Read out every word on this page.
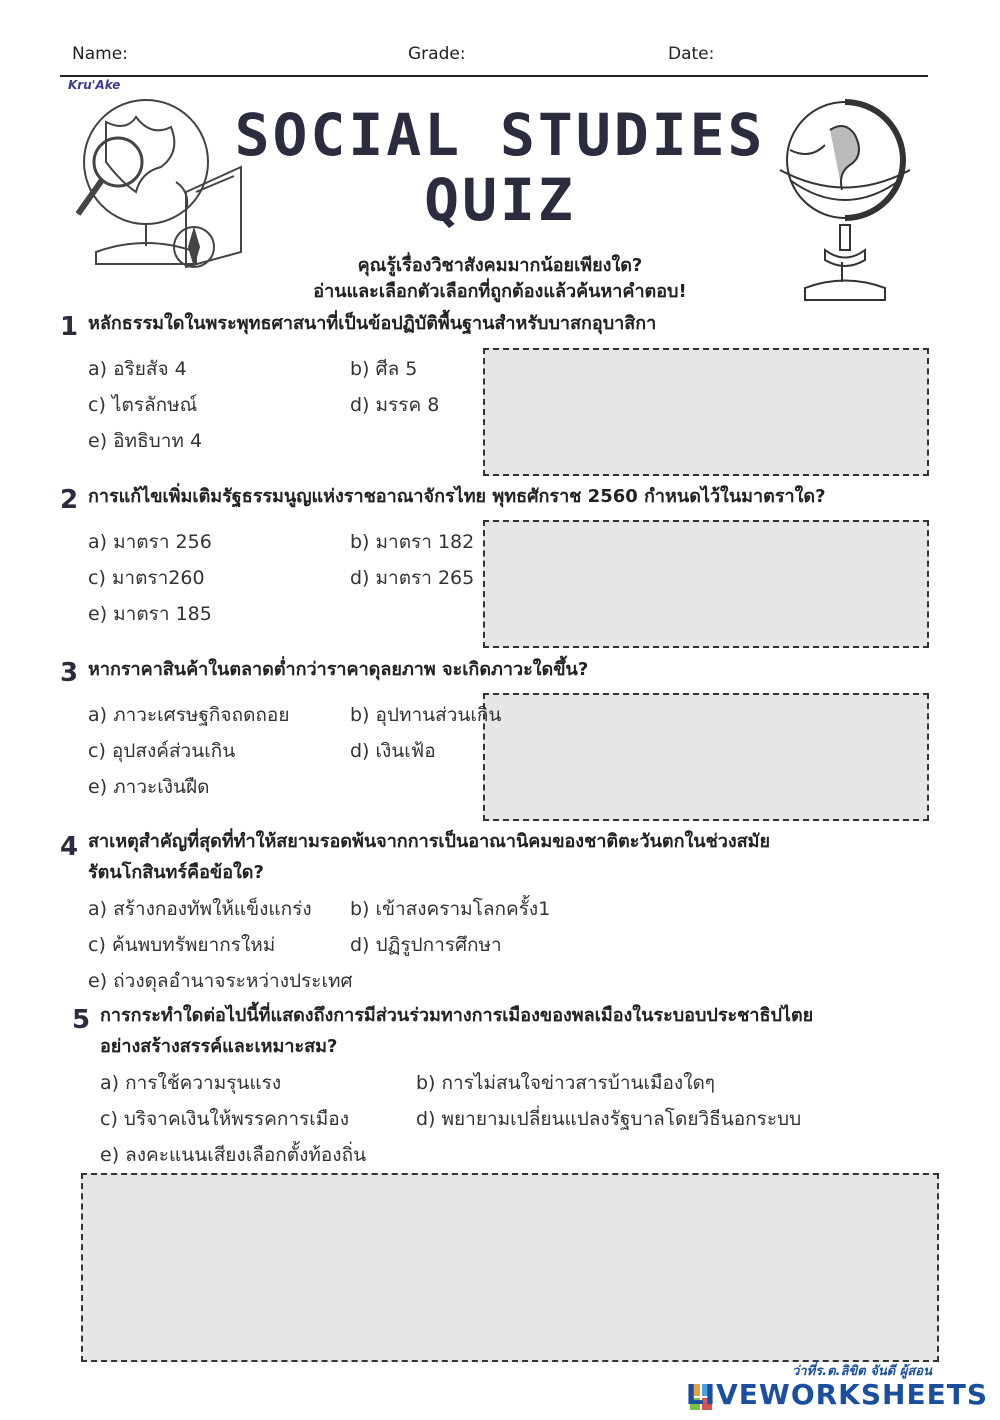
Name:	Grade:	Date:
Kru'Ake
SOCIAL STUDIES
QUIZ
คุณรู้เรื่องวิชาสังคมมากน้อยเพียงใด?
อ่านและเลือกตัวเลือกที่ถูกต้องแล้วค้นหาคำตอบ!
1 หลักธรรมใดในพระพุทธศาสนาที่เป็นข้อปฏิบัติพื้นฐานสำหรับบาสกอุบาสิกา
a) อริยสัจ 4	b) ศีล 5
c) ไตรลักษณ์	d) มรรค 8
e) อิทธิบาท 4
2 การแก้ไขเพิ่มเติมรัฐธรรมนูญแห่งราชอาณาจักรไทย พุทธศักราช 2560 กำหนดไว้ในมาตราใด?
a) มาตรา 256	b) มาตรา 182
c) มาตรา260	d) มาตรา 265
e) มาตรา 185
3 หากราคาสินค้าในตลาดต่ำกว่าราคาดุลยภาพ จะเกิดภาวะใดขึ้น?
a) ภาวะเศรษฐกิจถดถอย	b) อุปทานส่วนเกิน
c) อุปสงค์ส่วนเกิน	d) เงินเฟ้อ
e) ภาวะเงินฝืด
4 สาเหตุสำคัญที่สุดที่ทำให้สยามรอดพ้นจากการเป็นอาณานิคมของชาติตะวันตกในช่วงสมัย
รัตนโกสินทร์คือข้อใด?
a) สร้างกองทัพให้แข็งแกร่ง b) เข้าสงครามโลกครั้ง1
c) ค้นพบทรัพยากรใหม่	d) ปฏิรูปการศึกษา
e) ถ่วงดุลอำนาจระหว่างประเทศ
5 การกระทำใดต่อไปนี้ที่แสดงถึงการมีส่วนร่วมทางการเมืองของพลเมืองในระบอบประชาธิปไตย
อย่างสร้างสรรค์และเหมาะสม?
a) การใช้ความรุนแรง	b) การไม่สนใจข่าวสารบ้านเมืองใดๆ
c) บริจาคเงินให้พรรคการเมือง	d) พยายามเปลี่ยนแปลงรัฐบาลโดยวิธีนอกระบบ
e) ลงคะแนนเสียงเลือกตั้งท้องถิ่น
ว่าที่ร.ต.ลิขิต จันดี ผู้สอน
LIVEWORKSHEETS
